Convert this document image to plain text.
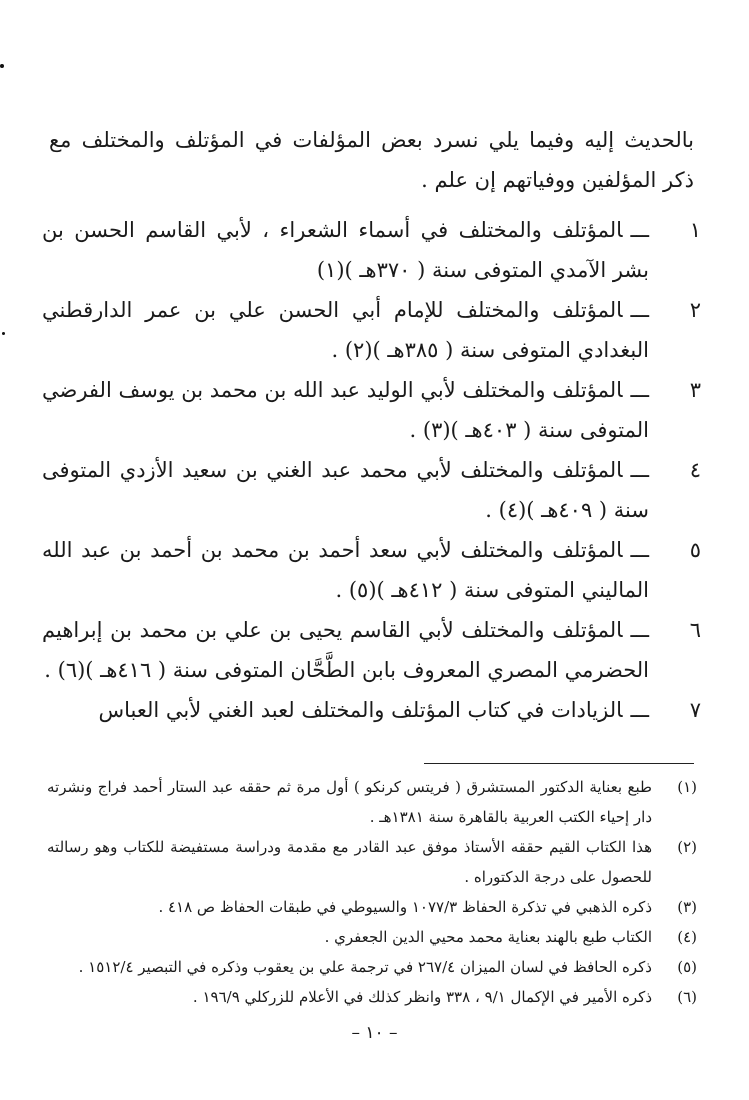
بالحديث إليه وفيما يلي نسرد بعض المؤلفات في المؤتلف والمختلف مع ذكر المؤلفين ووفياتهم إن علم .
١
ـــالمؤتلف والمختلف في أسماء الشعراء ، لأبي القاسم الحسن بن بشر الآمدي المتوفى سنة ( ٣٧٠هـ )(١)
٢
ـــالمؤتلف والمختلف للإمام أبي الحسن علي بن عمر الدارقطني البغدادي المتوفى سنة ( ٣٨٥هـ )(٢) .
٣
ـــالمؤتلف والمختلف لأبي الوليد عبد الله بن محمد بن يوسف الفرضي المتوفى سنة ( ٤٠٣هـ )(٣) .
٤
ـــالمؤتلف والمختلف لأبي محمد عبد الغني بن سعيد الأزدي المتوفى سنة ( ٤٠٩هـ )(٤) .
٥
ـــالمؤتلف والمختلف لأبي سعد أحمد بن محمد بن أحمد بن عبد الله الماليني المتوفى سنة ( ٤١٢هـ )(٥) .
٦
ـــالمؤتلف والمختلف لأبي القاسم يحيى بن علي بن محمد بن إبراهيم الحضرمي المصري المعروف بابن الطَّحَّان المتوفى سنة ( ٤١٦هـ )(٦) .
٧
ـــالزيادات في كتاب المؤتلف والمختلف لعبد الغني لأبي العباس
(١)
طبع بعناية الدكتور المستشرق ( فريتس كرنكو ) أول مرة ثم حققه عبد الستار أحمد فراج ونشرته دار إحياء الكتب العربية بالقاهرة سنة ١٣٨١هـ .
(٢)
هذا الكتاب القيم حققه الأستاذ موفق عبد القادر مع مقدمة ودراسة مستفيضة للكتاب وهو رسالته للحصول على درجة الدكتوراه .
(٣)
ذكره الذهبي في تذكرة الحفاظ ١٠٧٧/٣ والسيوطي في طبقات الحفاظ ص ٤١٨ .
(٤)
الكتاب طبع بالهند بعناية محمد محيي الدين الجعفري .
(٥)
ذكره الحافظ في لسان الميزان ٢٦٧/٤ في ترجمة علي بن يعقوب وذكره في التبصير ١٥١٢/٤ .
(٦)
ذكره الأمير في الإكمال ٩/١ ، ٣٣٨ وانظر كذلك في الأعلام للزركلي ١٩٦/٩ .
– ١٠ –
